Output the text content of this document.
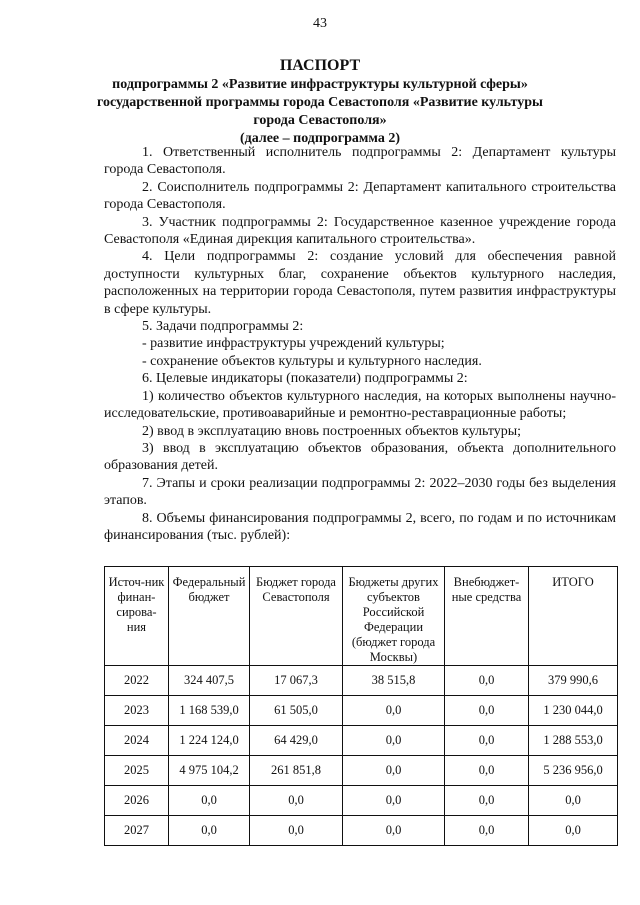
43
ПАСПОРТ
подпрограммы 2 «Развитие инфраструктуры культурной сферы»
государственной программы города Севастополя «Развитие культуры
города Севастополя»
(далее – подпрограмма 2)

1. Ответственный исполнитель подпрограммы 2: Департамент культуры города Севастополя.

2. Соисполнитель подпрограммы 2: Департамент капитального строительства города Севастополя.

3. Участник подпрограммы 2: Государственное казенное учреждение города Севастополя «Единая дирекция капитального строительства».

4. Цели подпрограммы 2: создание условий для обеспечения равной доступности культурных благ, сохранение объектов культурного наследия, расположенных на территории города Севастополя, путем развития инфраструктуры в сфере культуры.

5. Задачи подпрограммы 2:

- развитие инфраструктуры учреждений культуры;

- сохранение объектов культуры и культурного наследия.

6. Целевые индикаторы (показатели) подпрограммы 2:

1) количество объектов культурного наследия, на которых выполнены научно-исследовательские, противоаварийные и ремонтно-реставрационные работы;

2) ввод в эксплуатацию вновь построенных объектов культуры;

3) ввод в эксплуатацию объектов образования, объекта дополнительного образования детей.

7. Этапы и сроки реализации подпрограммы 2: 2022–2030 годы без выделения этапов.

8. Объемы финансирования подпрограммы 2, всего, по годам и по источникам финансирования (тыс. рублей):

Источ-ник финан-сирова-ния	Федеральный бюджет	Бюджет города Севастополя	Бюджеты других субъектов Российской Федерации (бюджет города Москвы)	Внебюджет-ные средства	ИТОГО
2022	324 407,5	17 067,3	38 515,8	0,0	379 990,6
2023	1 168 539,0	61 505,0	0,0	0,0	1 230 044,0
2024	1 224 124,0	64 429,0	0,0	0,0	1 288 553,0
2025	4 975 104,2	261 851,8	0,0	0,0	5 236 956,0
2026	0,0	0,0	0,0	0,0	0,0
2027	0,0	0,0	0,0	0,0	0,0
